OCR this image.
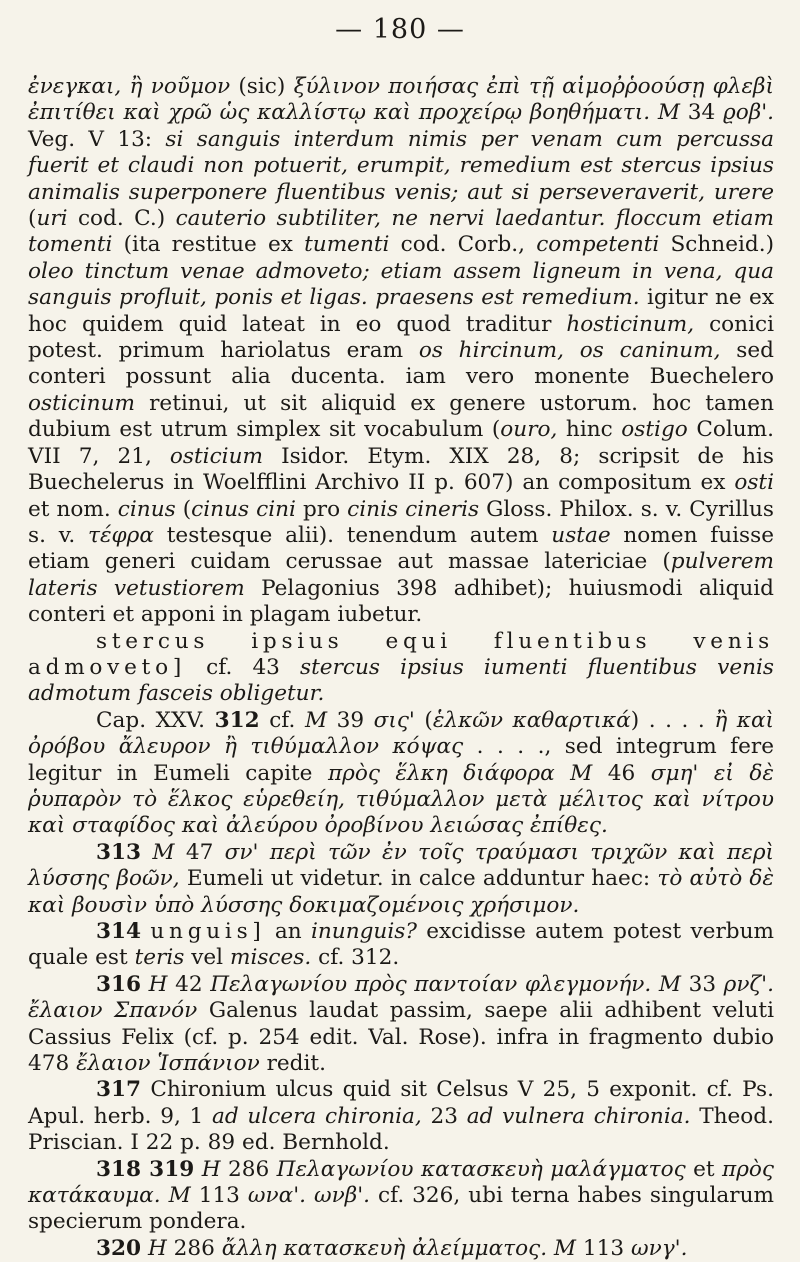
— 180 —

ἐνεγκαι, ἢ νοῦμον (sic) ξύλινον ποιήσας ἐπὶ τῇ αἱμοῤῥοούσῃ φλεβὶ ἐπιτίθει καὶ χρῶ ὡς καλλίστῳ καὶ προχείρῳ βοηθήματι. M 34 ϱοβ'. Veg. V 13: si sanguis interdum nimis per venam cum percussa fuerit et claudi non potuerit, erumpit, remedium est stercus ipsius animalis superponere fluentibus venis; aut si perseveraverit, urere (uri cod. C.) cauterio subtiliter, ne nervi laedantur. floccum etiam tomenti (ita restitue ex tumenti cod. Corb., competenti Schneid.) oleo tinctum venae admoveto; etiam assem ligneum in vena, qua sanguis profluit, ponis et ligas. praesens est remedium. igitur ne ex hoc quidem quid lateat in eo quod traditur hosticinum, conici potest. primum hariolatus eram os hircinum, os caninum, sed conteri possunt alia ducenta. iam vero monente Buechelero osticinum retinui, ut sit aliquid ex genere ustorum. hoc tamen dubium est utrum simplex sit vocabulum (ouro, hinc ostigo Colum. VII 7, 21, osticium Isidor. Etym. XIX 28, 8; scripsit de his Buechelerus in Woelfflini Archivo II p. 607) an compositum ex osti et nom. cinus (cinus cini pro cinis cineris Gloss. Philox. s. v. Cyrillus s. v. τέφρα testesque alii). tenendum autem ustae nomen fuisse etiam generi cuidam cerussae aut massae latericiae (pulverem lateris vetustiorem Pelagonius 398 adhibet); huiusmodi aliquid conteri et apponi in plagam iubetur.

stercus ipsius equi fluentibus venis admoveto] cf. 43 stercus ipsius iumenti fluentibus venis admotum fasceis obligetur.

Cap. XXV. 312 cf. M 39 σις' (ἑλκῶν καθαρτικά) . . . . ἢ καὶ ὀρόβου ἄλευρον ἢ τιθύμαλλον κόψας . . . ., sed integrum fere legitur in Eumeli capite πρὸς ἕλκη διάφορα M 46 σμη' εἰ δὲ ῥυπαρὸν τὸ ἕλκος εὑρεθείη, τιθύμαλλον μετὰ μέλιτος καὶ νίτρου καὶ σταφίδος καὶ ἀλεύρου ὀροβίνου λειώσας ἐπίθες.

313 M 47 σν' περὶ τῶν ἐν τοῖς τραύμασι τριχῶν καὶ περὶ λύσσης βοῶν, Eumeli ut videtur. in calce adduntur haec: τὸ αὐτὸ δὲ καὶ βουσὶν ὑπὸ λύσσης δοκιμαζομένοις χρήσιμον.

314 unguis] an inunguis? excidisse autem potest verbum quale est teris vel misces. cf. 312.

316 H 42 Πελαγωνίου πρὸς παντοίαν φλεγμονήν. M 33 ρνζ'. ἔλαιον Σπανόν Galenus laudat passim, saepe alii adhibent veluti Cassius Felix (cf. p. 254 edit. Val. Rose). infra in fragmento dubio 478 ἔλαιον Ἱσπάνιον redit.

317 Chironium ulcus quid sit Celsus V 25, 5 exponit. cf. Ps. Apul. herb. 9, 1 ad ulcera chironia, 23 ad vulnera chironia. Theod. Priscian. I 22 p. 89 ed. Bernhold.

318 319 H 286 Πελαγωνίου κατασκευὴ μαλάγματος et πρὸς κατάκαυμα. M 113 ωνα'. ωνβ'. cf. 326, ubi terna habes singularum specierum pondera.

320 H 286 ἄλλη κατασκευὴ ἀλείμματος. M 113 ωνγ'.
